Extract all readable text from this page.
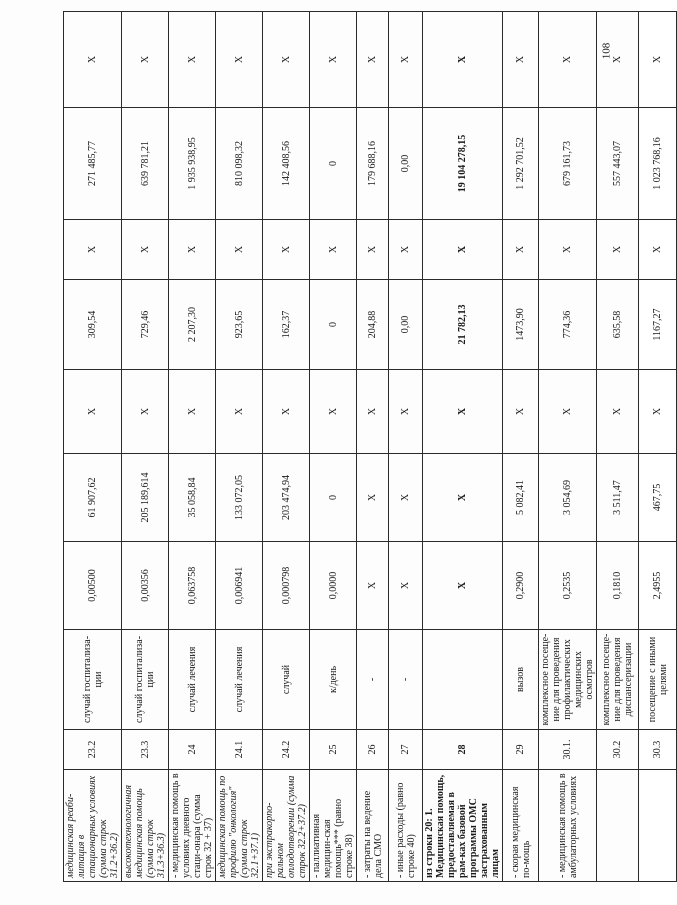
108
медицинская реаби-литация в стационарных условиях (сумма строк 31.2+36.2)	23.2	случай госпитализа-ции	0,00500	61 907,62	X	309,54	X	271 485,77	X
высокотехнологичная медицинская помощь (сумма строк 31.3+36.3)	23.3	случай госпитализа-ции	0,00356	205 189,614	X	729,46	X	639 781,21	X
- медицинская помощь в условиях дневного стаци-онара (сумма строк 32 + 37)	24	случай лечения	0,063758	35 058,84	X	2 207,30	X	1 935 938,95	X
медицинская помощь по профилю "онкология" (сумма строк 32.1+37.1)	24.1	случай лечения	0,006941	133 072,05	X	923,65	X	810 098,32	X
при экстракорпо-ральном оплодотворении (сумма строк 32.2+37.2)	24.2	случай	0,000798	203 474,94	X	162,37	X	142 408,56	X
- паллиативная медицин-ская помощь*** (равно строке 38)	25	к/день	0,0000	0	X	0	X	0	X
- затраты на ведение дела СМО	26	-	X	X	X	204,88	X	179 688,16	X
- иные расходы (равно строке 40)	27	-	X	X	X	0,00	X	0,00	X
из строки 20: 1. Медицинская помощь, предоставляемая в рам-ках базовой программы ОМС застрахованным лицам	28		X	X	X	21 782,13	X	19 104 278,15	X
- скорая медицинская по-мощь	29	вызов	0,2900	5 082,41	X	1473,90	X	1 292 701,52	X
- медицинская помощь в амбулаторных условиях	30.1.	комплексное посеще-ние для проведения профилактических медицинских осмотров	0,2535	3 054,69	X	774,36	X	679 161,73	X
	30.2	комплексное посеще-ние для проведения диспансеризации	0,1810	3 511,47	X	635,58	X	557 443,07	X
	30.3	посещение с иными целями	2,4955	467,75	X	1167,27	X	1 023 768,16	X
